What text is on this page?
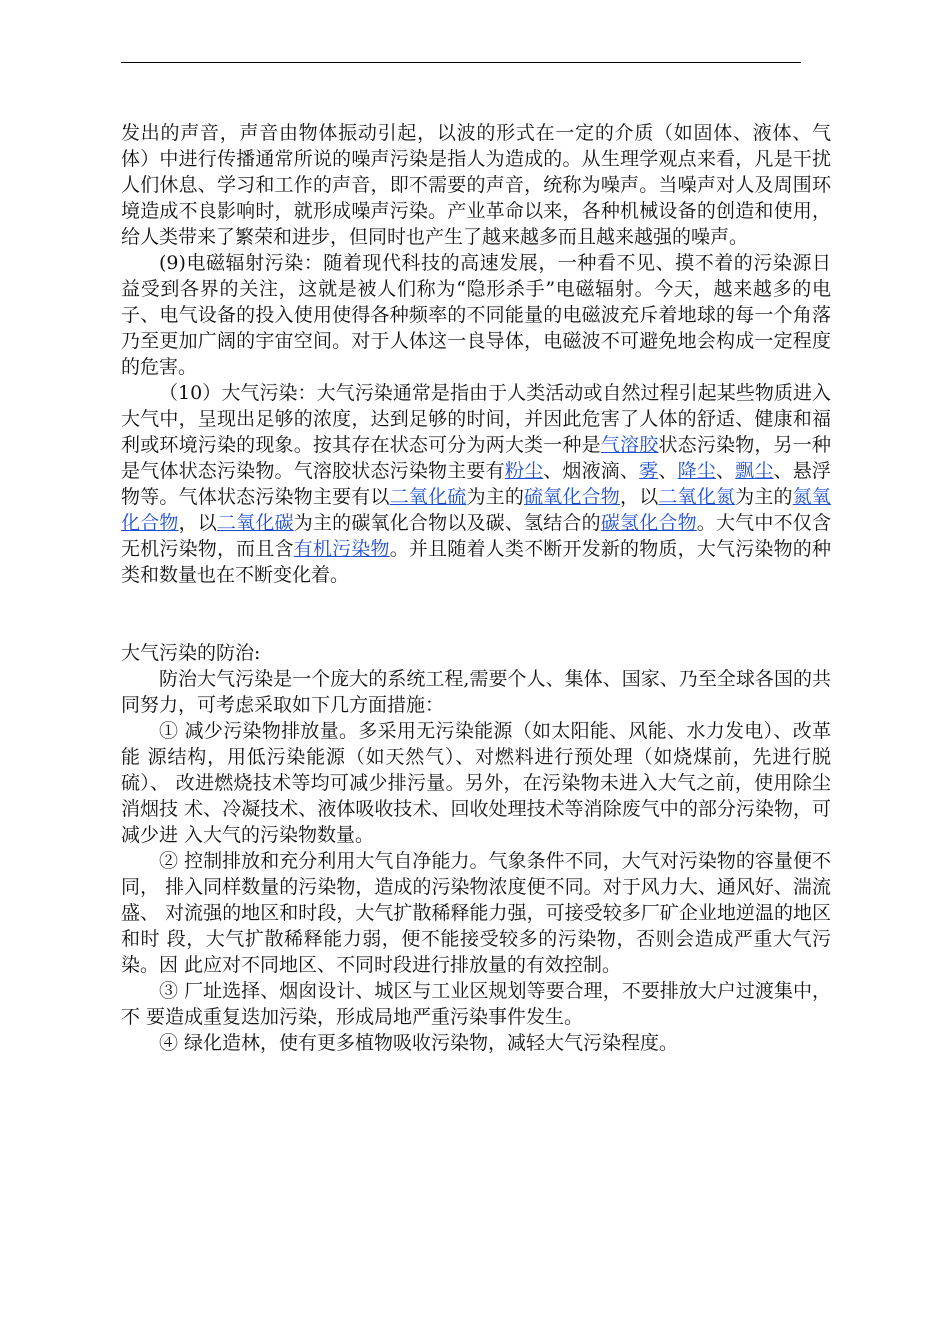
发出的声音，声音由物体振动引起，以波的形式在一定的介质（如固体、液体、气体）中进行传播通常所说的噪声污染是指人为造成的。从生理学观点来看，凡是干扰人们休息、学习和工作的声音，即不需要的声音，统称为噪声。当噪声对人及周围环境造成不良影响时，就形成噪声污染。产业革命以来，各种机械设备的创造和使用，给人类带来了繁荣和进步，但同时也产生了越来越多而且越来越强的噪声。

(9)电磁辐射污染：随着现代科技的高速发展，一种看不见、摸不着的污染源日益受到各界的关注，这就是被人们称为“隐形杀手”电磁辐射。今天，越来越多的电子、电气设备的投入使用使得各种频率的不同能量的电磁波充斥着地球的每一个角落乃至更加广阔的宇宙空间。对于人体这一良导体，电磁波不可避免地会构成一定程度的危害。

（10）大气污染：大气污染通常是指由于人类活动或自然过程引起某些物质进入大气中，呈现出足够的浓度，达到足够的时间，并因此危害了人体的舒适、健康和福利或环境污染的现象。按其存在状态可分为两大类一种是气溶胶状态污染物，另一种是气体状态污染物。气溶胶状态污染物主要有粉尘、烟液滴、雾、降尘、飘尘、悬浮物等。气体状态污染物主要有以二氧化硫为主的硫氧化合物，以二氧化氮为主的氮氧化合物，以二氧化碳为主的碳氧化合物以及碳、氢结合的碳氢化合物。大气中不仅含无机污染物，而且含有机污染物。并且随着人类不断开发新的物质，大气污染物的种类和数量也在不断变化着。

大气污染的防治:

防治大气污染是一个庞大的系统工程,需要个人、集体、国家、乃至全球各国的共同努力，可考虑采取如下几方面措施：

① 减少污染物排放量。多采用无污染能源（如太阳能、风能、水力发电）、改革能 源结构，用低污染能源（如天然气）、对燃料进行预处理（如烧煤前，先进行脱硫）、 改进燃烧技术等均可减少排污量。另外，在污染物未进入大气之前，使用除尘消烟技 术、冷凝技术、液体吸收技术、回收处理技术等消除废气中的部分污染物，可减少进 入大气的污染物数量。

② 控制排放和充分利用大气自净能力。气象条件不同，大气对污染物的容量便不同， 排入同样数量的污染物，造成的污染物浓度便不同。对于风力大、通风好、湍流盛、 对流强的地区和时段，大气扩散稀释能力强，可接受较多厂矿企业地逆温的地区和时 段，大气扩散稀释能力弱，便不能接受较多的污染物，否则会造成严重大气污染。因 此应对不同地区、不同时段进行排放量的有效控制。

③ 厂址选择、烟囱设计、城区与工业区规划等要合理，不要排放大户过渡集中，不 要造成重复迭加污染，形成局地严重污染事件发生。

④ 绿化造林，使有更多植物吸收污染物，减轻大气污染程度。
